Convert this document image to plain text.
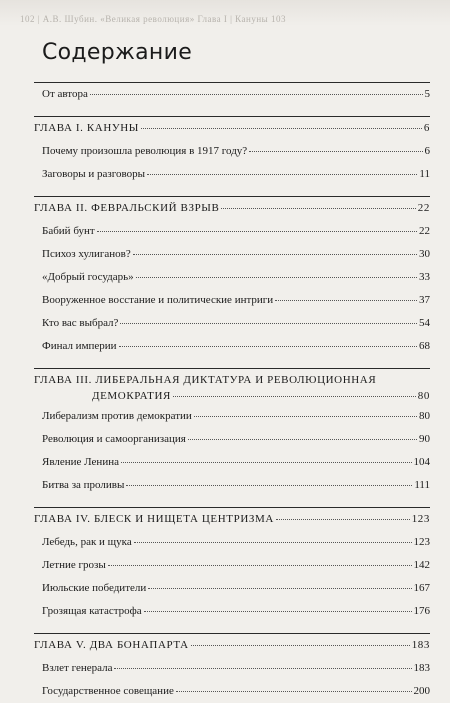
102 | А.В. Шубин. «Великая революция» Глава I | Кануны 103
Содержание
От автора	5
ГЛАВА I. КАНУНЫ	6
Почему произошла революция в 1917 году?	6
Заговоры и разговоры	11
ГЛАВА II. ФЕВРАЛЬСКИЙ ВЗРЫВ	22
Бабий бунт	22
Психоз хулиганов?	30
«Добрый государь»	33
Вооруженное восстание и политические интриги	37
Кто вас выбрал?	54
Финал империи	68
ГЛАВА III. ЛИБЕРАЛЬНАЯ ДИКТАТУРА И РЕВОЛЮЦИОННАЯ
ДЕМОКРАТИЯ	80
Либерализм против демократии	80
Революция и самоорганизация	90
Явление Ленина	104
Битва за проливы	111
ГЛАВА IV. БЛЕСК И НИЩЕТА ЦЕНТРИЗМА	123
Лебедь, рак и щука	123
Летние грозы	142
Июльские победители	167
Грозящая катастрофа	176
ГЛАВА V. ДВА БОНАПАРТА	183
Взлет генерала	183
Государственное совещание	200
